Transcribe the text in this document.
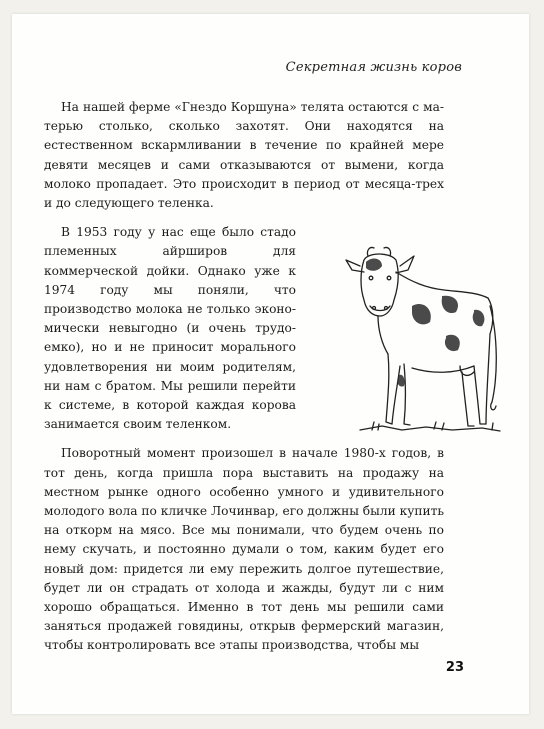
Секретная жизнь коров

На нашей ферме «Гнездо Коршуна» телята остаются с матерью столько, сколько захотят. Они находятся на естественном вскармливании в течение по крайней мере девяти месяцев и сами отказываются от вымени, когда молоко пропадает. Это происходит в период от месяца-трех и до следующего теленка.

В 1953 году у нас еще было стадо племенных айрширов для коммерческой дойки. Однако уже к 1974 году мы поняли, что производство молока не только экономически невыгодно (и очень трудоемко), но и не приносит морального удовлетворения ни моим родителям, ни нам с братом. Мы решили перейти к системе, в которой каждая корова занимается своим теленком.

Поворотный момент произошел в начале 1980-х годов, в тот день, когда пришла пора выставить на продажу на местном рынке одного особенно умного и удивительного молодого вола по кличке Лочинвар, его должны были купить на откорм на мясо. Все мы понимали, что будем очень по нему скучать, и постоянно думали о том, каким будет его новый дом: придется ли ему пережить долгое путешествие, будет ли он страдать от холода и жажды, будут ли с ним хорошо обращаться. Именно в тот день мы решили сами заняться продажей говядины, открыв фермерский магазин, чтобы контролировать все этапы производства, чтобы мы

23
